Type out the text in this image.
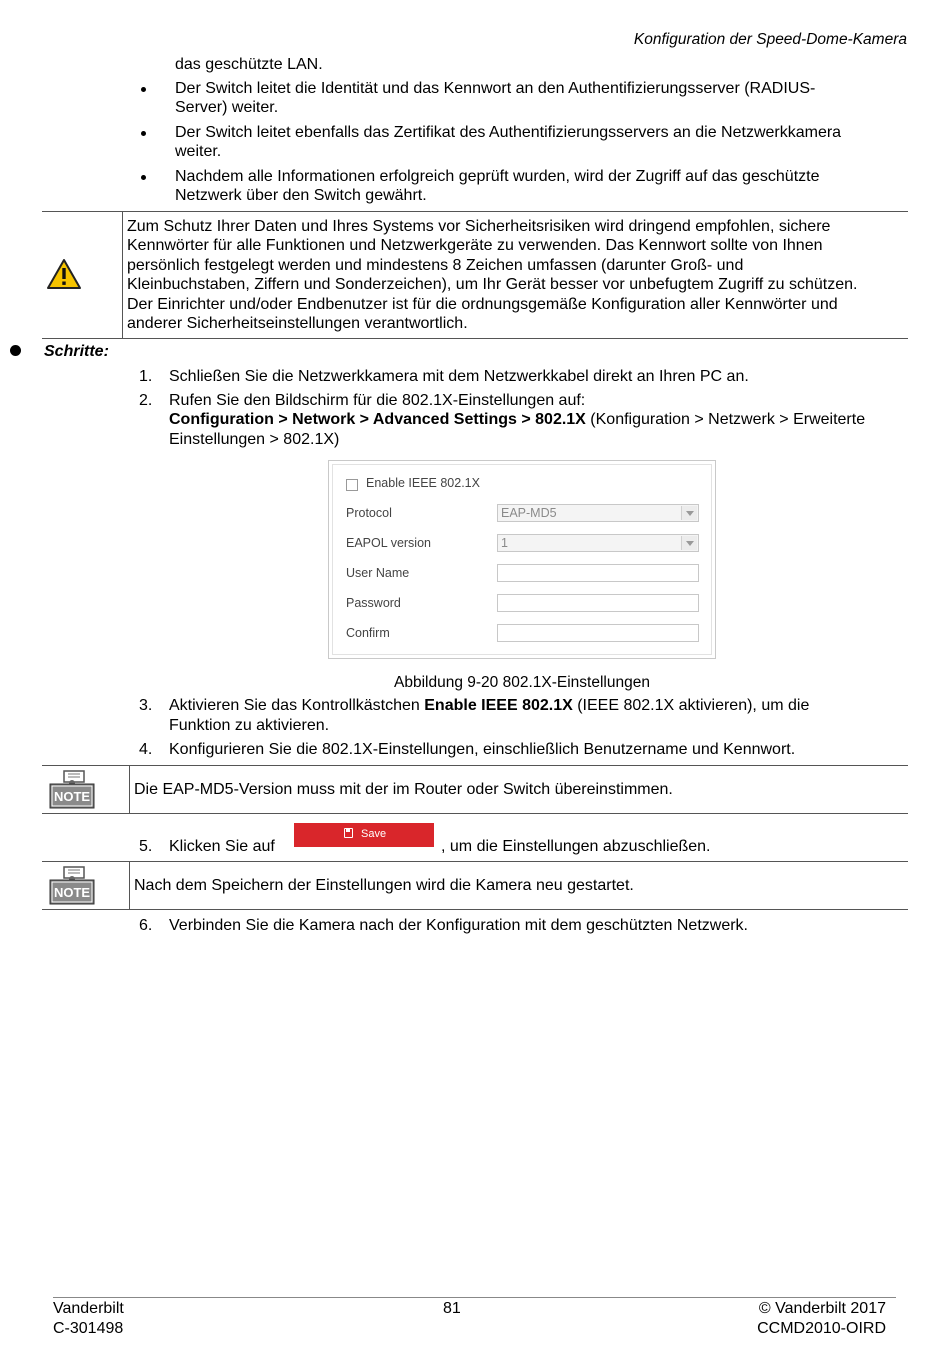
Konfiguration der Speed-Dome-Kamera
das geschützte LAN.
Der Switch leitet die Identität und das Kennwort an den Authentifizierungsserver (RADIUS-
Server) weiter.
Der Switch leitet ebenfalls das Zertifikat des Authentifizierungsservers an die Netzwerkkamera
weiter.
Nachdem alle Informationen erfolgreich geprüft wurden, wird der Zugriff auf das geschützte
Netzwerk über den Switch gewährt.
Zum Schutz Ihrer Daten und Ihres Systems vor Sicherheitsrisiken wird dringend empfohlen, sichere
Kennwörter für alle Funktionen und Netzwerkgeräte zu verwenden. Das Kennwort sollte von Ihnen
persönlich festgelegt werden und mindestens 8 Zeichen umfassen (darunter Groß- und
Kleinbuchstaben, Ziffern und Sonderzeichen), um Ihr Gerät besser vor unbefugtem Zugriff zu schützen.
Der Einrichter und/oder Endbenutzer ist für die ordnungsgemäße Konfiguration aller Kennwörter und
anderer Sicherheitseinstellungen verantwortlich.
Schritte:
1. Schließen Sie die Netzwerkkamera mit dem Netzwerkkabel direkt an Ihren PC an.
2. Rufen Sie den Bildschirm für die 802.1X-Einstellungen auf:
Configuration > Network > Advanced Settings > 802.1X (Konfiguration > Netzwerk > Erweiterte
Einstellungen > 802.1X)
Enable IEEE 802.1X
Protocol	EAP-MD5
EAPOL version	1
User Name
Password
Confirm
Abbildung 9-20 802.1X-Einstellungen
3. Aktivieren Sie das Kontrollkästchen Enable IEEE 802.1X (IEEE 802.1X aktivieren), um die
Funktion zu aktivieren.
4. Konfigurieren Sie die 802.1X-Einstellungen, einschließlich Benutzername und Kennwort.
NOTE	Die EAP-MD5-Version muss mit der im Router oder Switch übereinstimmen.
5. Klicken Sie auf
Save
, um die Einstellungen abzuschließen.
NOTE	Nach dem Speichern der Einstellungen wird die Kamera neu gestartet.
6. Verbinden Sie die Kamera nach der Konfiguration mit dem geschützten Netzwerk.
Vanderbilt
C-301498
81	© Vanderbilt 2017
CCMD2010-OIRD
